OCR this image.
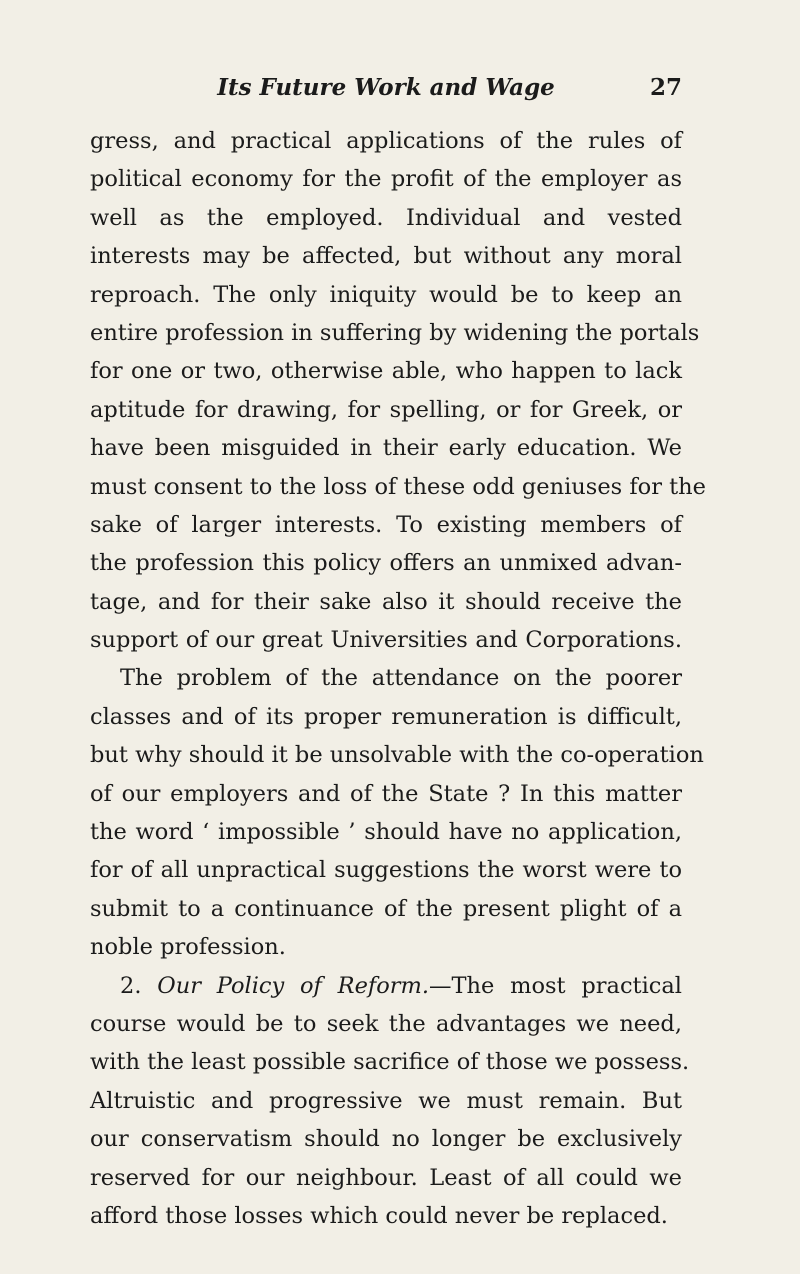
Its Future Work and Wage	27
gress, and practical applications of the rules of
political economy for the profit of the employer as
well as the employed. Individual and vested
interests may be affected, but without any moral
reproach. The only iniquity would be to keep an
entire profession in suffering by widening the portals
for one or two, otherwise able, who happen to lack
aptitude for drawing, for spelling, or for Greek, or
have been misguided in their early education. We
must consent to the loss of these odd geniuses for the
sake of larger interests. To existing members of
the profession this policy offers an unmixed advan-
tage, and for their sake also it should receive the
support of our great Universities and Corporations.
The problem of the attendance on the poorer
classes and of its proper remuneration is difficult,
but why should it be unsolvable with the co-operation
of our employers and of the State ? In this matter
the word ‘ impossible ’ should have no application,
for of all unpractical suggestions the worst were to
submit to a continuance of the present plight of a
noble profession.
2. Our Policy of Reform.—The most practical
course would be to seek the advantages we need,
with the least possible sacrifice of those we possess.
Altruistic and progressive we must remain. But
our conservatism should no longer be exclusively
reserved for our neighbour. Least of all could we
afford those losses which could never be replaced.
